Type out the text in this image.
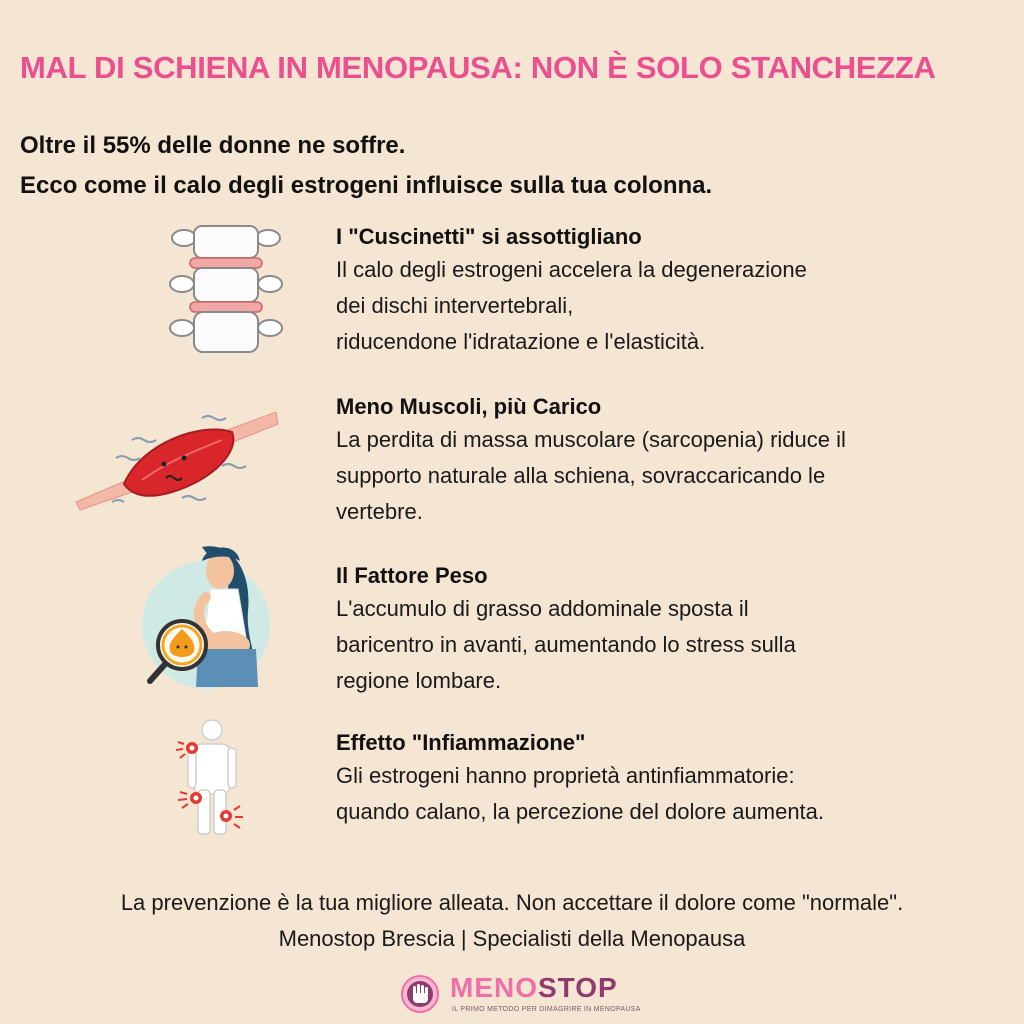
MAL DI SCHIENA IN MENOPAUSA: NON È SOLO STANCHEZZA
Oltre il 55% delle donne ne soffre.
Ecco come il calo degli estrogeni influisce sulla tua colonna.
I "Cuscinetti" si assottigliano
Il calo degli estrogeni accelera la degenerazione
dei dischi intervertebrali,
riducendone l'idratazione e l'elasticità.
Meno Muscoli, più Carico
La perdita di massa muscolare (sarcopenia) riduce il
supporto naturale alla schiena, sovraccaricando le
vertebre.
Il Fattore Peso
L'accumulo di grasso addominale sposta il
baricentro in avanti, aumentando lo stress sulla
regione lombare.
Effetto "Infiammazione"
Gli estrogeni hanno proprietà antinfiammatorie:
quando calano, la percezione del dolore aumenta.
La prevenzione è la tua migliore alleata. Non accettare il dolore come "normale".
Menostop Brescia | Specialisti della Menopausa
MENOSTOP
IL PRIMO METODO PER DIMAGRIRE IN MENOPAUSA
